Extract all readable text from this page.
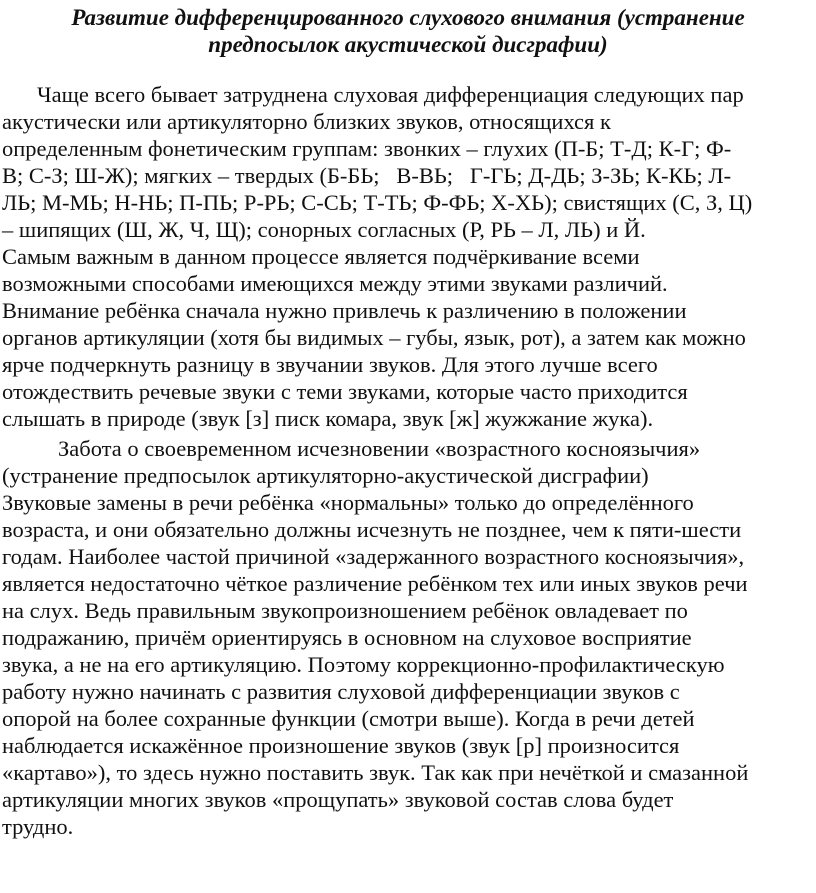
Развитие дифференцированного слухового внимания (устранение
предпосылок акустической дисграфии)

Чаще всего бывает затруднена слуховая дифференциация следующих пар

акустически или артикуляторно близких звуков, относящихся к

определенным фонетическим группам: звонких – глухих (П-Б; Т-Д; К-Г; Ф-

В; С-З; Ш-Ж); мягких – твердых (Б-БЬ;   В-ВЬ;   Г-ГЬ; Д-ДЬ; З-ЗЬ; К-КЬ; Л-

ЛЬ; М-МЬ; Н-НЬ; П-ПЬ; Р-РЬ; С-СЬ; Т-ТЬ; Ф-ФЬ; Х-ХЬ); свистящих (С, З, Ц)

– шипящих (Ш, Ж, Ч, Щ); сонорных согласных (Р, РЬ – Л, ЛЬ) и Й.

Самым важным в данном процессе является подчёркивание всеми

возможными способами имеющихся между этими звуками различий.

Внимание ребёнка сначала нужно привлечь к различению в положении

органов артикуляции (хотя бы видимых – губы, язык, рот), а затем как можно

ярче подчеркнуть разницу в звучании звуков. Для этого лучше всего

отождествить речевые звуки с теми звуками, которые часто приходится

слышать в природе (звук [з] писк комара, звук [ж] жужжание жука).

Забота о своевременном исчезновении «возрастного косноязычия»

(устранение предпосылок артикуляторно-акустической дисграфии)

Звуковые замены в речи ребёнка «нормальны» только до определённого

возраста, и они обязательно должны исчезнуть не позднее, чем к пяти-шести

годам. Наиболее частой причиной «задержанного возрастного косноязычия»,

является недостаточно чёткое различение ребёнком тех или иных звуков речи

на слух. Ведь правильным звукопроизношением ребёнок овладевает по

подражанию, причём ориентируясь в основном на слуховое восприятие

звука, а не на его артикуляцию. Поэтому коррекционно-профилактическую

работу нужно начинать с развития слуховой дифференциации звуков с

опорой на более сохранные функции (смотри выше). Когда в речи детей

наблюдается искажённое произношение звуков (звук [р] произносится

«картаво»), то здесь нужно поставить звук. Так как при нечёткой и смазанной

артикуляции многих звуков «прощупать» звуковой состав слова будет

трудно.
